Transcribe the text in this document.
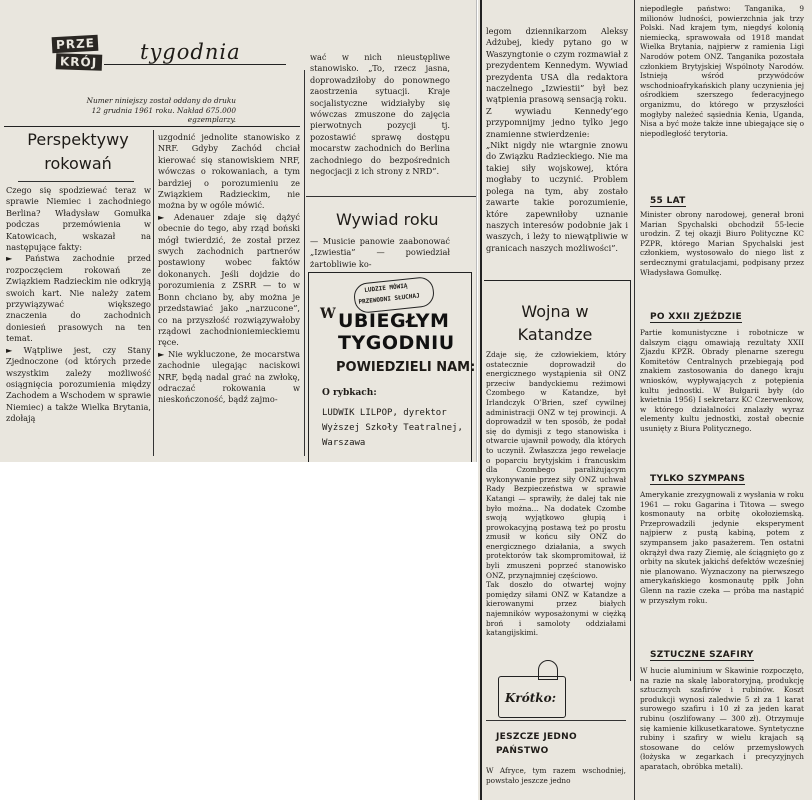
PRZE
KRÓJ tygodnia

Numer niniejszy został oddany do druku 12 grudnia 1961 roku. Nakład 675.000 egzemplarzy.

Perspektywy rokowań

Czego się spodziewać teraz w sprawie Niemiec i zachodniego Berlina? Władysław Gomułka podczas przemówienia w Katowicach, wskazał na następujące fakty:
► Państwa zachodnie przed rozpoczęciem rokowań ze Związkiem Radzieckim nie odkryją swoich kart. Nie należy zatem przywiązywać większego znaczenia do zachodnich doniesień prasowych na ten temat.
► Wątpliwe jest, czy Stany Zjednoczone (od których przede wszystkim zależy możliwość osiągnięcia porozumienia między Zachodem a Wschodem w sprawie Niemiec) a także Wielka Brytania, zdołają

uzgodnić jednolite stanowisko z NRF. Gdyby Zachód chciał kierować się stanowiskiem NRF, wówczas o rokowaniach, a tym bardziej o porozumieniu ze Związkiem Radzieckim, nie można by w ogóle mówić.
► Adenauer zdaje się dążyć obecnie do tego, aby rząd boński mógł twierdzić, że został przez swych zachodnich partnerów postawiony wobec faktów dokonanych. Jeśli dojdzie do porozumienia z ZSRR — to w Bonn chciano by, aby można je przedstawiać jako „narzucone”, co na przyszłość rozwiązywałoby rządowi zachodnioniemieckiemu ręce.
► Nie wykluczone, że mocarstwa zachodnie ulegając naciskowi NRF, będą nadal grać na zwłokę, odraczać rokowania w nieskończoność, bądź zajmo-

wać w nich nieustępliwe stanowisko. „To, rzecz jasna, doprowadziłoby do ponownego zaostrzenia sytuacji. Kraje socjalistyczne widziałyby się wówczas zmuszone do zajęcia pierwotnych pozycji tj. pozostawić sprawę dostępu mocarstw zachodnich do Berlina zachodniego do bezpośrednich negocjacji z ich strony z NRD”.

Wywiad roku

— Musicie panowie zaabonować „Izwiestia” — powiedział żartobliwie ko-

LUDZIE MÓWIĄ
PRZEWODNI SŁUCHAJ
W UBIEGŁYM
TYGODNIU
POWIEDZIELI NAM:
O rybkach:

LUDWIK LILPOP, dyrektor Wyższej Szkoły Teatralnej, Warszawa

legom dziennikarzom Aleksy Adżubej, kiedy pytano go w Waszyngtonie o czym rozmawiał z prezydentem Kennedym. Wywiad prezydenta USA dla redaktora naczelnego „Izwiestii” był bez wątpienia prasową sensacją roku.
Z wywiadu Kennedy’ego przypomnijmy jedno tylko jego znamienne stwierdzenie:
„Nikt nigdy nie wtargnie znowu do Związku Radzieckiego. Nie ma takiej siły wojskowej, która mogłaby to uczynić. Problem polega na tym, aby zostało zawarte takie porozumienie, które zapewniłoby uznanie naszych interesów podobnie jak i waszych, i leży to niewątpliwie w granicach naszych możliwości”.

Wojna w Katandze

Zdaje się, że człowiekiem, który ostatecznie doprowadził do energicznego wystąpienia sił ONZ przeciw bandyckiemu reżimowi Czombego w Katandze, był Irlandczyk O’Brien, szef cywilnej administracji ONZ w tej prowincji. A doprowadził w ten sposób, że podał się do dymisji z tego stanowiska i otwarcie ujawnił powody, dla których to uczynił. Zwłaszcza jego rewelacje o poparciu brytyjskim i francuskim dla Czombego paraliżującym wykonywanie przez siły ONZ uchwał Rady Bezpieczeństwa w sprawie Katangi — sprawiły, że dalej tak nie było można... Na dodatek Czombe swoją wyjątkowo głupią i prowokacyjną postawą też po prostu zmusił w końcu siły ONZ do energicznego działania, a swych protektorów tak skompromitował, iż byli zmuszeni poprzeć stanowisko ONZ, przynajmniej częściowo.
Tak doszło do otwartej wojny pomiędzy siłami ONZ w Katandze a kierowanymi przez białych najemników wyposażonymi w ciężką broń i samoloty oddziałami katangijskimi.

Krótko:
JESZCZE JEDNO PAŃSTWO

W Afryce, tym razem wschodniej, powstało jeszcze jedno

niepodległe państwo: Tanganika, 9 milionów ludności, powierzchnia jak trzy Polski. Nad krajem tym, niegdyś kolonią niemiecką, sprawowała od 1918 mandat Wielka Brytania, najpierw z ramienia Ligi Narodów potem ONZ. Tanganika pozostała członkiem Brytyjskiej Wspólnoty Narodów. Istnieją wśród przywódców wschodnioafrykańskich plany uczynienia jej ośrodkiem szerszego federacyjnego organizmu, do którego w przyszłości mogłyby należeć sąsiednia Kenia, Uganda, Nisa a być może także inne ubiegające się o niepodległość terytoria.

55 LAT

Minister obrony narodowej, generał broni Marian Spychalski obchodził 55-lecie urodzin. Z tej okazji Biuro Polityczne KC PZPR, którego Marian Spychalski jest członkiem, wystosowało do niego list z serdecznymi gratulacjami, podpisany przez Władysława Gomułkę.

PO XXII ZJEŹDZIE

Partie komunistyczne i robotnicze w dalszym ciągu omawiają rezultaty XXII Zjazdu KPZR. Obrady plenarne szeregu Komitetów Centralnych przebiegają pod znakiem zastosowania do danego kraju wniosków, wypływających z potępienia kultu jednostki. W Bułgarii były (do kwietnia 1956) I sekretarz KC Czerwenkow, w którego działalności znalazły wyraz elementy kultu jednostki, został obecnie usunięty z Biura Politycznego.

TYLKO SZYMPANS

Amerykanie zrezygnowali z wysłania w roku 1961 — roku Gagarina i Titowa — swego kosmonauty na orbitę okołoziemską. Przeprowadzili jedynie eksperyment najpierw z pustą kabiną, potem z szympansem jako pasażerem. Ten ostatni okrążył dwa razy Ziemię, ale ściągnięto go z orbity na skutek jakichś defektów wcześniej nie planowano. Wyznaczony na pierwszego amerykańskiego kosmonautę ppłk John Glenn na razie czeka — próba ma nastąpić w przyszłym roku.

SZTUCZNE SZAFIRY

W hucie aluminium w Skawinie rozpoczęto, na razie na skalę laboratoryjną, produkcję sztucznych szafirów i rubinów. Koszt produkcji wynosi zaledwie 5 zł za 1 karat surowego szafiru i 10 zł za jeden karat rubinu (oszlifowany — 300 zł). Otrzymuje się kamienie kilkusetkaratowe. Syntetyczne rubiny i szafiry w wielu krajach są stosowane do celów przemysłowych (łożyska w zegarkach i precyzyjnych aparatach, obróbka metali).
